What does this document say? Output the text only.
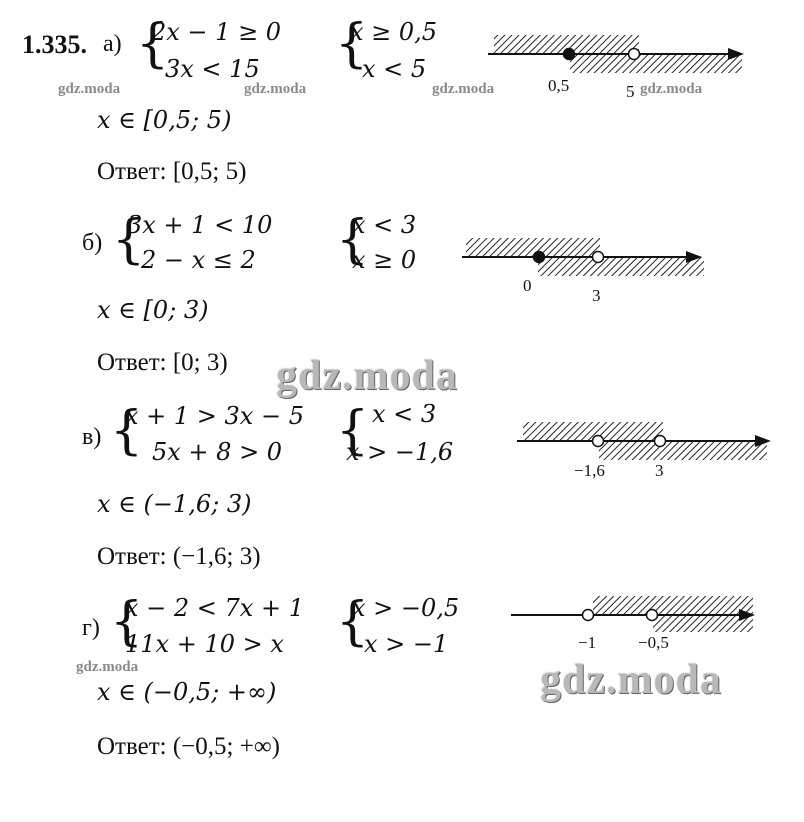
1.335. а) {
2x − 1 ≥ 0
3x < 15 {
x ≥ 0,5
x < 5
0,5	5
x ∈ [0,5; 5)
Ответ: [0,5; 5)
gdz.moda	gdz.moda	gdz.moda	gdz.moda
б) {
3x + 1 < 10
2 − x ≤ 2 {
x < 3
x ≥ 0
0
3
x ∈ [0; 3)
Ответ: [0; 3) gdz.moda
в) {
x + 1 > 3x − 5
5x + 8 > 0 { x < 3
x > −1,6
−1,6	3
x ∈ (−1,6; 3)
Ответ: (−1,6; 3)
г) {
x − 2 < 7x + 1
11x + 10 > x {
x > −0,5
x > −1	−1 −0,5
gdz.moda	gdz.moda
x ∈ (−0,5; +∞)
Ответ: (−0,5; +∞)
